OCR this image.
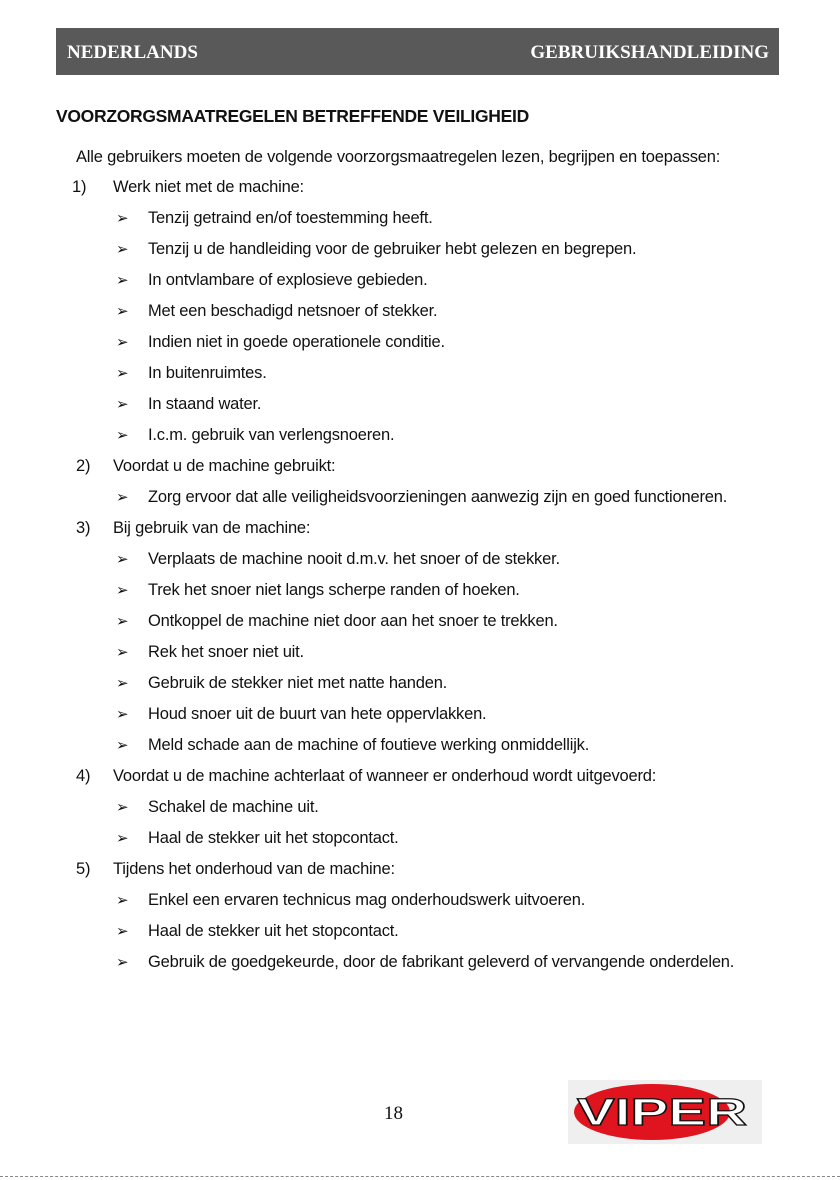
NEDERLANDS	GEBRUIKSHANDLEIDING
VOORZORGSMAATREGELEN BETREFFENDE VEILIGHEID
Alle gebruikers moeten de volgende voorzorgsmaatregelen lezen, begrijpen en toepassen:
1) Werk niet met de machine:
➢ Tenzij getraind en/of toestemming heeft.
➢ Tenzij u de handleiding voor de gebruiker hebt gelezen en begrepen.
➢ In ontvlambare of explosieve gebieden.
➢ Met een beschadigd netsnoer of stekker.
➢ Indien niet in goede operationele conditie.
➢ In buitenruimtes.
➢ In staand water.
➢ I.c.m. gebruik van verlengsnoeren.
2) Voordat u de machine gebruikt:
➢ Zorg ervoor dat alle veiligheidsvoorzieningen aanwezig zijn en goed functioneren.
3) Bij gebruik van de machine:
➢ Verplaats de machine nooit d.m.v. het snoer of de stekker.
➢ Trek het snoer niet langs scherpe randen of hoeken.
➢ Ontkoppel de machine niet door aan het snoer te trekken.
➢ Rek het snoer niet uit.
➢ Gebruik de stekker niet met natte handen.
➢ Houd snoer uit de buurt van hete oppervlakken.
➢ Meld schade aan de machine of foutieve werking onmiddellijk.
4) Voordat u de machine achterlaat of wanneer er onderhoud wordt uitgevoerd:
➢ Schakel de machine uit.
➢ Haal de stekker uit het stopcontact.
5) Tijdens het onderhoud van de machine:
➢ Enkel een ervaren technicus mag onderhoudswerk uitvoeren.
➢ Haal de stekker uit het stopcontact.
➢ Gebruik de goedgekeurde, door de fabrikant geleverd of vervangende onderdelen.
18	VIPER
